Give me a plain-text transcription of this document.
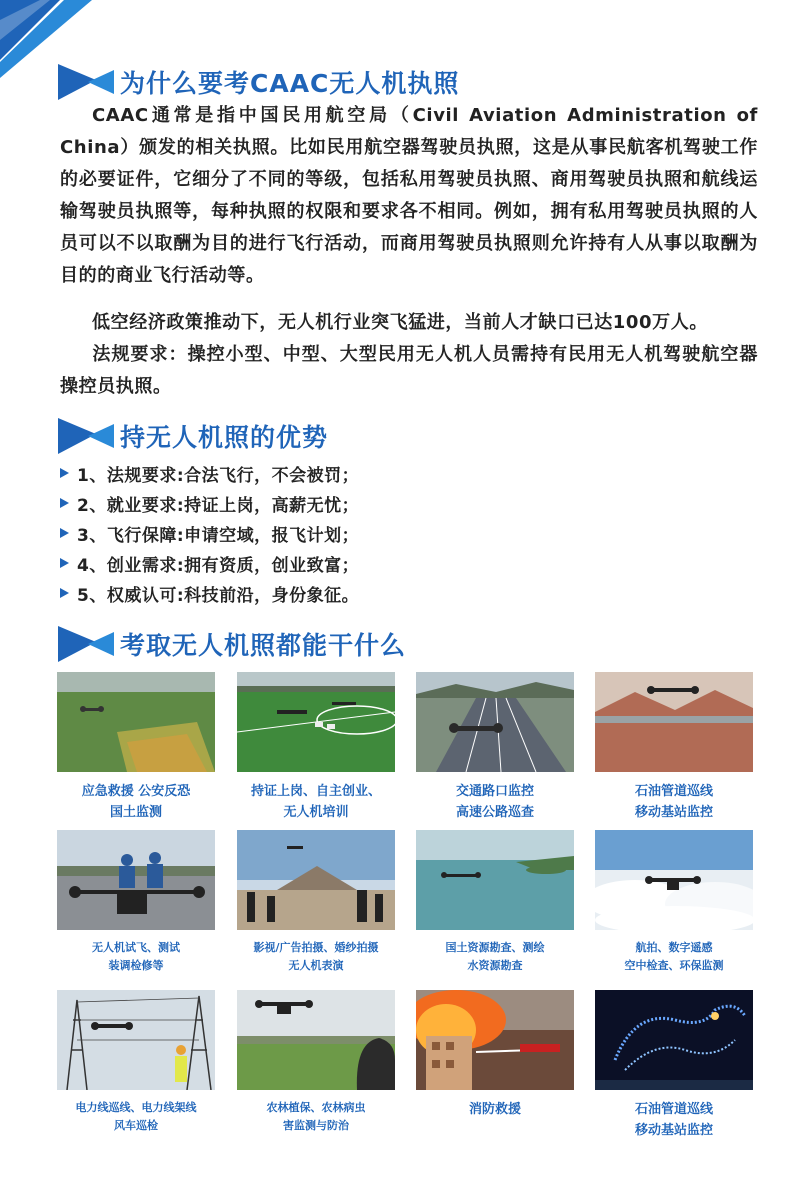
为什么要考CAAC无人机执照

CAAC通常是指中国民用航空局（Civil Aviation Administration of China）颁发的相关执照。比如民用航空器驾驶员执照，这是从事民航客机驾驶工作的必要证件，它细分了不同的等级，包括私用驾驶员执照、商用驾驶员执照和航线运输驾驶员执照等，每种执照的权限和要求各不相同。例如，拥有私用驾驶员执照的人员可以不以取酬为目的进行飞行活动，而商用驾驶员执照则允许持有人从事以取酬为目的的商业飞行活动等。

低空经济政策推动下，无人机行业突飞猛进，当前人才缺口已达100万人。

法规要求：操控小型、中型、大型民用无人机人员需持有民用无人机驾驶航空器操控员执照。

持无人机照的优势
1、法规要求:合法飞行，不会被罚；
2、就业要求:持证上岗，高薪无忧；
3、飞行保障:申请空域，报飞计划；
4、创业需求:拥有资质，创业致富；
5、权威认可:科技前沿，身份象征。
考取无人机照都能干什么
应急救援 公安反恐
国土监测
持证上岗、自主创业、
无人机培训
交通路口监控
高速公路巡查
石油管道巡线
移动基站监控
无人机试飞、测试
装调检修等
影视/广告拍摄、婚纱拍摄
无人机表演
国土资源勘查、测绘
水资源勘查
航拍、数字遥感
空中检查、环保监测
电力线巡线、电力线架线
风车巡检
农林植保、农林病虫
害监测与防治
消防救援	石油管道巡线
移动基站监控
